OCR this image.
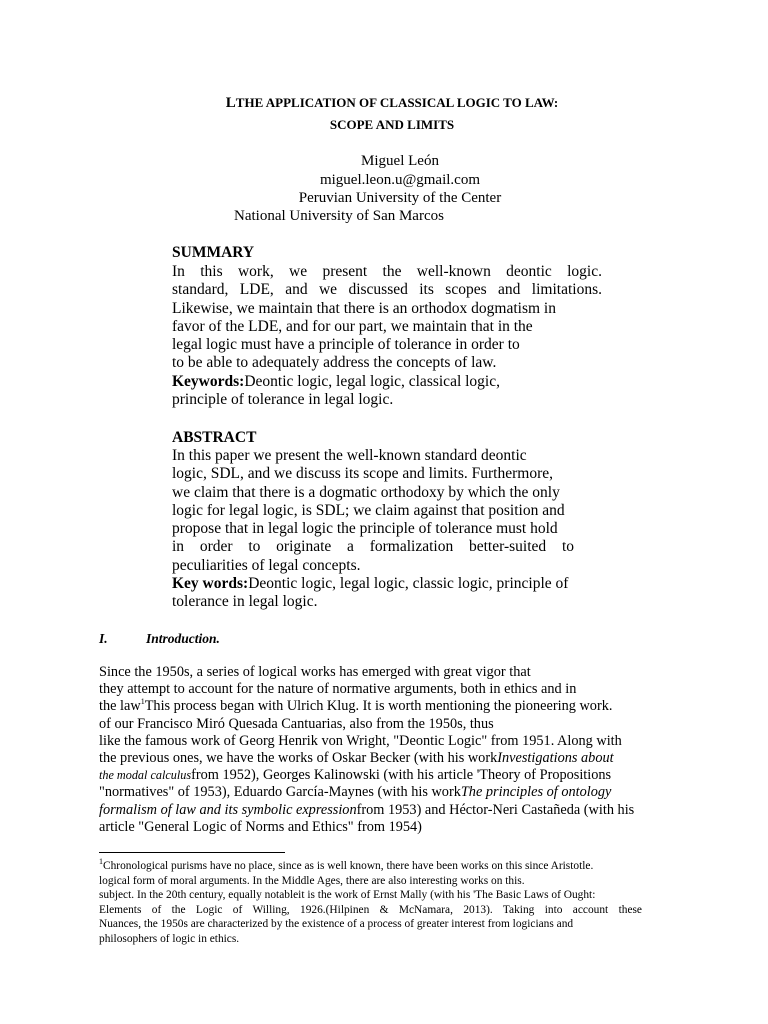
LTHE APPLICATION OF CLASSICAL LOGIC TO LAW:
SCOPE AND LIMITS
Miguel León
miguel.leon.u@gmail.com
Peruvian University of the Center
National University of San Marcos
SUMMARY
In this work, we present the well-known deontic logic.
standard, LDE, and we discussed its scopes and limitations.
Likewise, we maintain that there is an orthodox dogmatism in
favor of the LDE, and for our part, we maintain that in the
legal logic must have a principle of tolerance in order to
to be able to adequately address the concepts of law.
Keywords:Deontic logic, legal logic, classical logic,
principle of tolerance in legal logic.
ABSTRACT
In this paper we present the well-known standard deontic
logic, SDL, and we discuss its scope and limits. Furthermore,
we claim that there is a dogmatic orthodoxy by which the only
logic for legal logic, is SDL; we claim against that position and
propose that in legal logic the principle of tolerance must hold
in order to originate a formalization better-suited to
peculiarities of legal concepts.
Key words:Deontic logic, legal logic, classic logic, principle of
tolerance in legal logic.
I.	Introduction.
Since the 1950s, a series of logical works has emerged with great vigor that
they attempt to account for the nature of normative arguments, both in ethics and in
the law$^1$This process began with Ulrich Klug. It is worth mentioning the pioneering work.
of our Francisco Miró Quesada Cantuarias, also from the 1950s, thus
like the famous work of Georg Henrik von Wright, "Deontic Logic" from 1951. Along with
the previous ones, we have the works of Oskar Becker (with his workInvestigations about
the modal calculusfrom 1952), Georges Kalinowski (with his article 'Theory of Propositions
"normatives" of 1953), Eduardo García-Maynes (with his workThe principles of ontology
formalism of law and its symbolic expressionfrom 1953) and Héctor-Neri Castañeda (with his
article "General Logic of Norms and Ethics" from 1954)
$^1$Chronological purisms have no place, since as is well known, there have been works on this since Aristotle.
logical form of moral arguments. In the Middle Ages, there are also interesting works on this.
subject. In the 20th century, equally notableit is the work of Ernst Mally (with his 'The Basic Laws of Ought:
Elements of the Logic of Willing, 1926.(Hilpinen & McNamara, 2013). Taking into account these
Nuances, the 1950s are characterized by the existence of a process of greater interest from logicians and
philosophers of logic in ethics.
